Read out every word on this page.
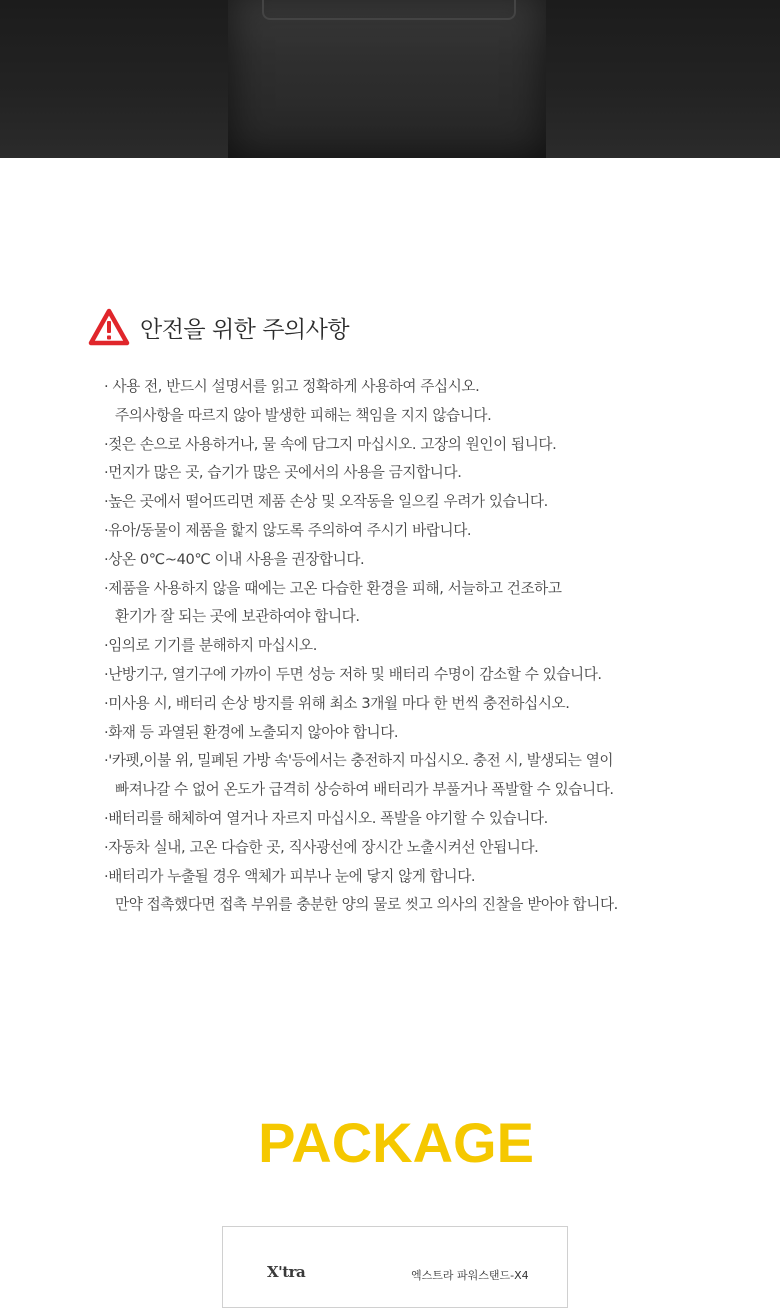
안전을 위한 주의사항
· 사용 전, 반드시 설명서를 읽고 정확하게 사용하여 주십시오.
주의사항을 따르지 않아 발생한 피해는 책임을 지지 않습니다.
·젖은 손으로 사용하거나, 물 속에 담그지 마십시오. 고장의 원인이 됩니다.
·먼지가 많은 곳, 습기가 많은 곳에서의 사용을 금지합니다.
·높은 곳에서 떨어뜨리면 제품 손상 및 오작동을 일으킬 우려가 있습니다.
·유아/동물이 제품을 핥지 않도록 주의하여 주시기 바랍니다.
·상온 0℃~40℃ 이내 사용을 권장합니다.
·제품을 사용하지 않을 때에는 고온 다습한 환경을 피해, 서늘하고 건조하고
환기가 잘 되는 곳에 보관하여야 합니다.
·임의로 기기를 분해하지 마십시오.
·난방기구, 열기구에 가까이 두면 성능 저하 및 배터리 수명이 감소할 수 있습니다.
·미사용 시, 배터리 손상 방지를 위해 최소 3개월 마다 한 번씩 충전하십시오.
·화재 등 과열된 환경에 노출되지 않아야 합니다.
·'카펫,이불 위, 밀폐된 가방 속'등에서는 충전하지 마십시오. 충전 시, 발생되는 열이
빠져나갈 수 없어 온도가 급격히 상승하여 배터리가 부풀거나 폭발할 수 있습니다.
·배터리를 해체하여 열거나 자르지 마십시오. 폭발을 야기할 수 있습니다.
·자동차 실내, 고온 다습한 곳, 직사광선에 장시간 노출시켜선 안됩니다.
·배터리가 누출될 경우 액체가 피부나 눈에 닿지 않게 합니다.
만약 접촉했다면 접촉 부위를 충분한 양의 물로 씻고 의사의 진찰을 받아야 합니다.
PACKAGE
X'tra	엑스트라 파워스탠드-X4
